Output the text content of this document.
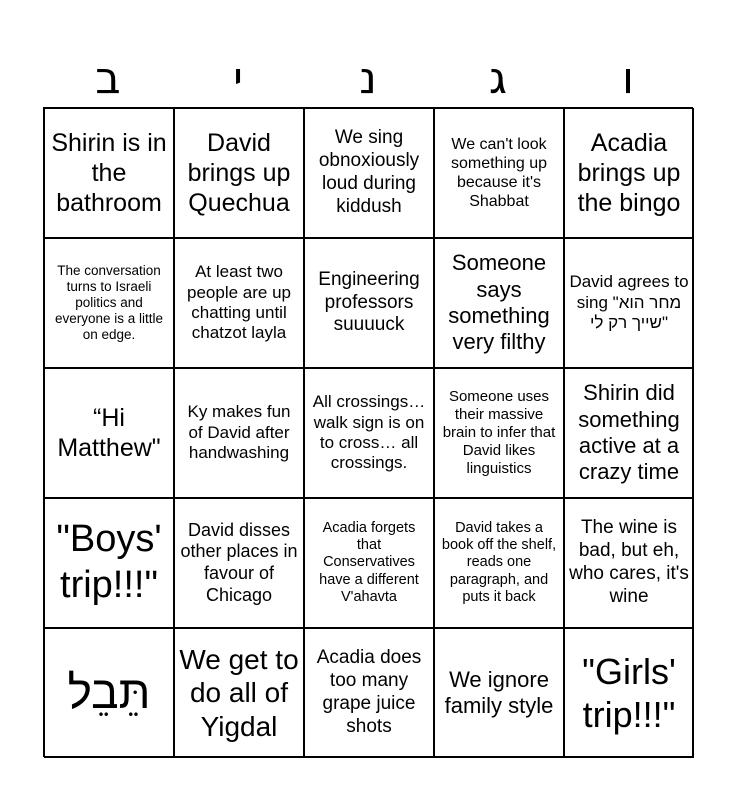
ב	י	נ	ג	ו
Shirin is in the bathroom
David brings up Quechua
We sing obnoxiously loud during kiddush
We can't look something up because it's Shabbat
Acadia brings up the bingo
The conversation turns to Israeli politics and everyone is a little on edge.
At least two people are up chatting until chatzot layla
Engineering professors suuuuck
Someone says something very filthy
David agrees to sing "מחר הוא שייך רק לי"
“Hi Matthew"
Ky makes fun of David after handwashing
All crossings… walk sign is on to cross… all crossings.
Someone uses their massive brain to infer that David likes linguistics
Shirin did something active at a crazy time
"Boys' trip!!!"
David disses other places in favour of Chicago
Acadia forgets that Conservatives have a different V'ahavta
David takes a book off the shelf, reads one paragraph, and puts it back
The wine is bad, but eh, who cares, it's wine
תֵּבֵל
We get to do all of Yigdal
Acadia does too many grape juice shots
We ignore family style
"Girls' trip!!!"
